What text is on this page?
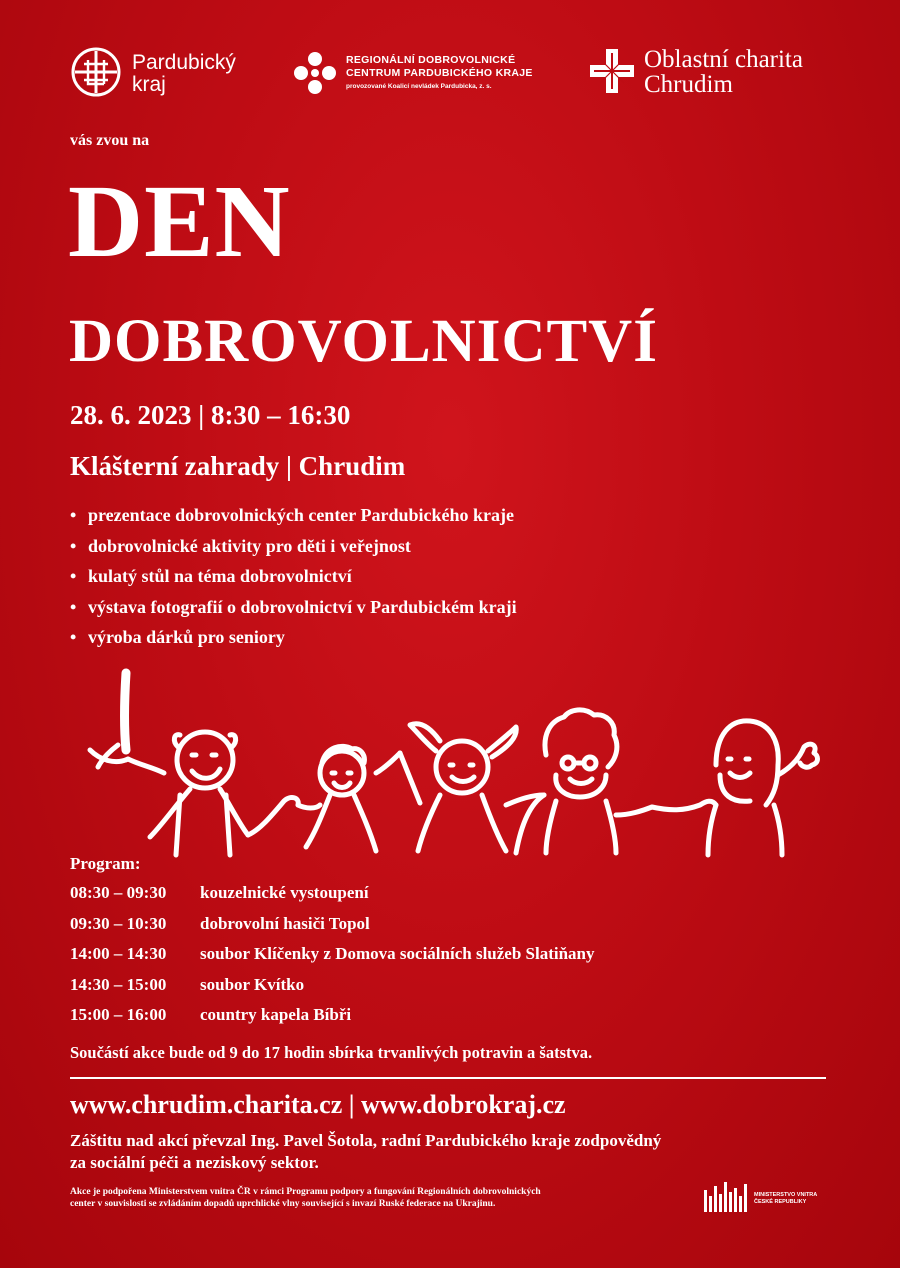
Pardubický
kraj
REGIONÁLNÍ DOBROVOLNICKÉ
CENTRUM PARDUBICKÉHO KRAJE
provozované Koalicí nevládek Pardubicka, z. s.
Oblastní charita
Chrudim
vás zvou na
DEN
DOBROVOLNICTVÍ
28. 6. 2023 | 8:30 – 16:30
Klášterní zahrady | Chrudim
• prezentace dobrovolnických center Pardubického kraje
• dobrovolnické aktivity pro děti i veřejnost
• kulatý stůl na téma dobrovolnictví
• výstava fotografií o dobrovolnictví v Pardubickém kraji
• výroba dárků pro seniory
Program:
08:30 – 09:30	kouzelnické vystoupení
09:30 – 10:30	dobrovolní hasiči Topol
14:00 – 14:30	soubor Klíčenky z Domova sociálních služeb Slatiňany
14:30 – 15:00	soubor Kvítko
15:00 – 16:00	country kapela Bíbři
Součástí akce bude od 9 do 17 hodin sbírka trvanlivých potravin a šatstva.
www.chrudim.charita.cz | www.dobrokraj.cz
Záštitu nad akcí převzal Ing. Pavel Šotola, radní Pardubického kraje zodpovědný
za sociální péči a neziskový sektor.
Akce je podpořena Ministerstvem vnitra ČR v rámci Programu podpory a fungování Regionálních dobrovolnických
center v souvislosti se zvládáním dopadů uprchlické vlny související s invazí Ruské federace na Ukrajinu.
MINISTERSTVO VNITRA
ČESKÉ REPUBLIKY
